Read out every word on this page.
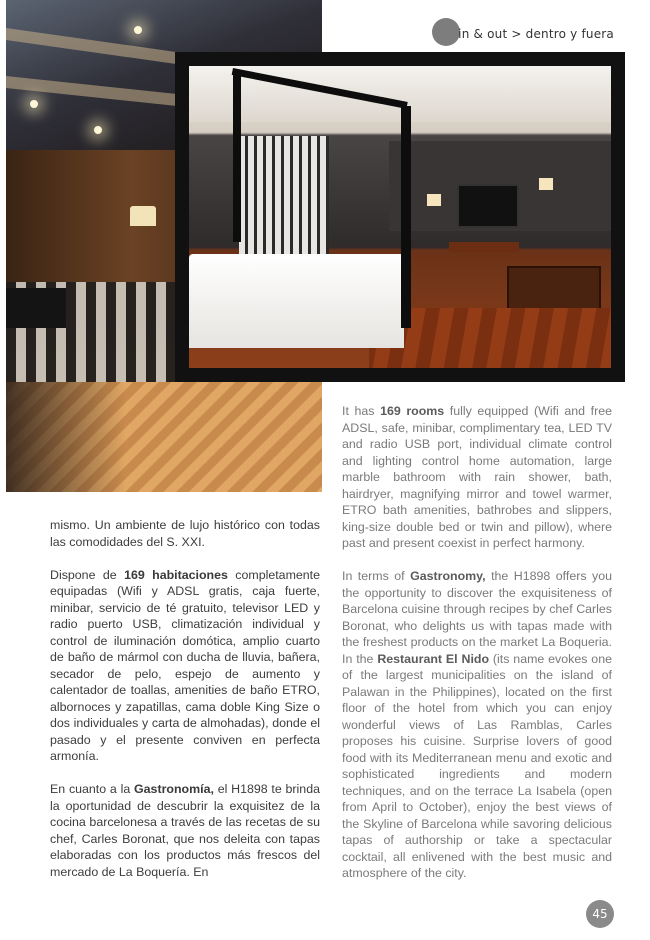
in & out > dentro y fuera

mismo. Un ambiente de lujo histórico con todas las comodidades del S. XXI.

Dispone de 169 habitaciones completamente equipadas (Wifi y ADSL gratis, caja fuerte, minibar, servicio de té gratuito, televisor LED y radio puerto USB, climatización individual y control de iluminación domótica, amplio cuarto de baño de mármol con ducha de lluvia, bañera, secador de pelo, espejo de aumento y calentador de toallas, amenities de baño ETRO, albornoces y zapatillas, cama doble King Size o dos individuales y carta de almohadas), donde el pasado y el presente conviven en perfecta armonía.

En cuanto a la Gastronomía, el H1898 te brinda la oportunidad de descubrir la exquisitez de la cocina barcelonesa a través de las recetas de su chef, Carles Boronat, que nos deleita con tapas elaboradas con los productos más frescos del mercado de La Boquería. En

It has 169 rooms fully equipped (Wifi and free ADSL, safe, minibar, complimentary tea, LED TV and radio USB port, individual climate control and lighting control home automation, large marble bathroom with rain shower, bath, hairdryer, magnifying mirror and towel warmer, ETRO bath amenities, bathrobes and slippers, king-size double bed or twin and pillow), where past and present coexist in perfect harmony.

In terms of Gastronomy, the H1898 offers you the opportunity to discover the exquisiteness of Barcelona cuisine through recipes by chef Carles Boronat, who delights us with tapas made with the freshest products on the market La Boqueria. In the Restaurant El Nido (its name evokes one of the largest municipalities on the island of Palawan in the Philippines), located on the first floor of the hotel from which you can enjoy wonderful views of Las Ramblas, Carles proposes his cuisine. Surprise lovers of good food with its Mediterranean menu and exotic and sophisticated ingredients and modern techniques, and on the terrace La Isabela (open from April to October), enjoy the best views of the Skyline of Barcelona while savoring delicious tapas of authorship or take a spectacular cocktail, all enlivened with the best music and atmosphere of the city.

45
